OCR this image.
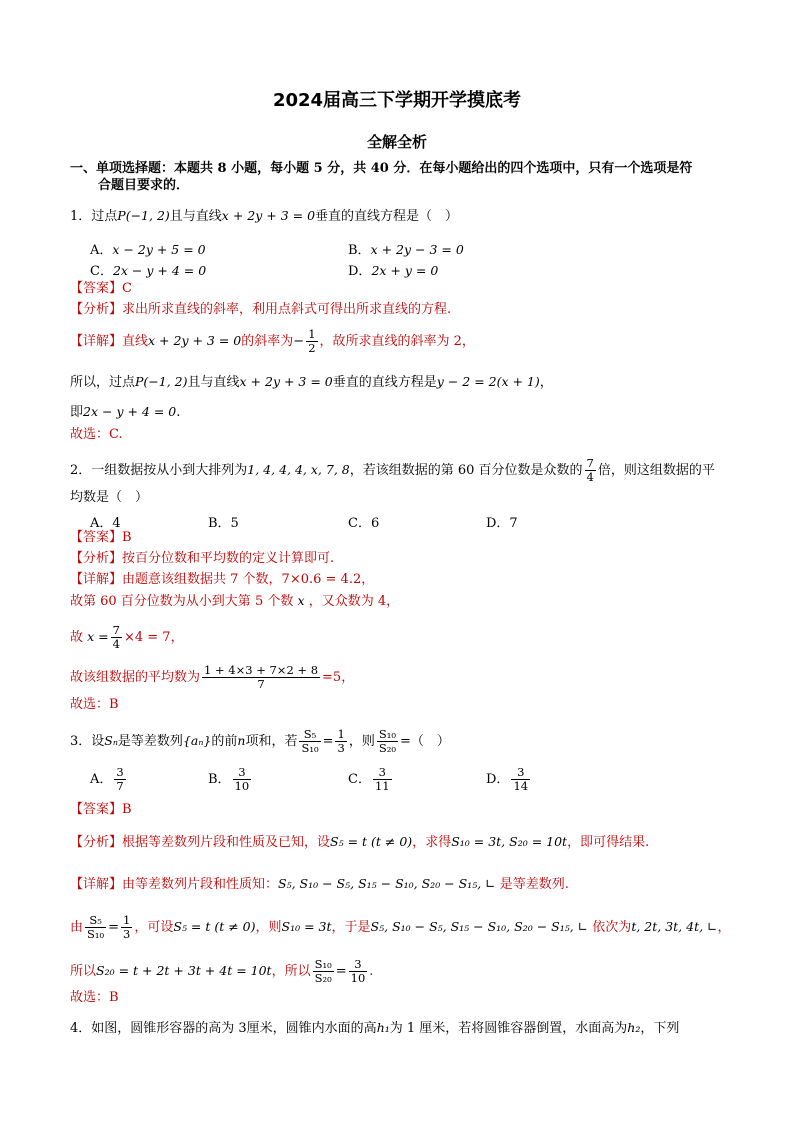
2024届高三下学期开学摸底考
全解全析
一、单项选择题：本题共 8 小题，每小题 5 分，共 40 分．在每小题给出的四个选项中，只有一个选项是符
合题目要求的．
1．过点P(−1, 2)且与直线x + 2y + 3 = 0垂直的直线方程是（　）
A．x − 2y + 5 = 0	B．x + 2y − 3 = 0
C．2x − y + 4 = 0	D．2x + y = 0
【答案】C
【分析】求出所求直线的斜率，利用点斜式可得出所求直线的方程.
【详解】直线x + 2y + 3 = 0的斜率为− $\frac{1}{2}$ ，故所求直线的斜率为 2，
所以，过点P(−1, 2)且与直线x + 2y + 3 = 0垂直的直线方程是y − 2 = 2(x + 1)，
即2x − y + 4 = 0.
故选：C.
2．一组数据按从小到大排列为1, 4, 4, 4, x, 7, 8，若该组数据的第 60 百分位数是众数的 $\frac{7}{4}$ 倍，则这组数据的平
均数是（　）
A．4	B．5	C．6	D．7
【答案】B
【分析】按百分位数和平均数的定义计算即可.
【详解】由题意该组数据共 7 个数，7×0.6 = 4.2，
故第 60 百分位数为从小到大第 5 个数 x ，又众数为 4，
故 $x = \frac{7}{4} \times 4 = 7$，
故该组数据的平均数为 $\frac{1 + 4\times 3 + 7\times 2 + 8}{7} =5$，
故选：B
3．设Sₙ是等差数列{aₙ}的前n项和，若 $\frac{\text{S₅}}{\text{S₁₀}} = \frac{1}{3}$ ，则 $\frac{\text{S₁₀}}{\text{S₂₀}}$ =（　）
A． $\frac{3}{7}$	B． $\frac{3}{10}$	C． $\frac{3}{11}$	D． $\frac{3}{14}$
【答案】B
【分析】根据等差数列片段和性质及已知，设S₅ = t (t ≠ 0)，求得S₁₀ = 3t, S₂₀ = 10t，即可得结果.
【详解】由等差数列片段和性质知：S₅, S₁₀ − S₅, S₁₅ − S₁₀, S₂₀ − S₁₅, ∟ 是等差数列.
由 $\frac{\text{S₅}}{\text{S₁₀}} = \frac{1}{3}$ ，可设S₅ = t (t ≠ 0)，则S₁₀ = 3t，于是S₅, S₁₀ − S₅, S₁₅ − S₁₀, S₂₀ − S₁₅, ∟ 依次为t, 2t, 3t, 4t, ∟，
所以S₂₀ = t + 2t + 3t + 4t = 10t，所以 $\frac{\text{S₁₀}}{\text{S₂₀}} = \frac{3}{10}$ .
故选：B
4．如图，圆锥形容器的高为 3厘米，圆锥内水面的高h₁为 1 厘米，若将圆锥容器倒置，水面高为h₂，下列
